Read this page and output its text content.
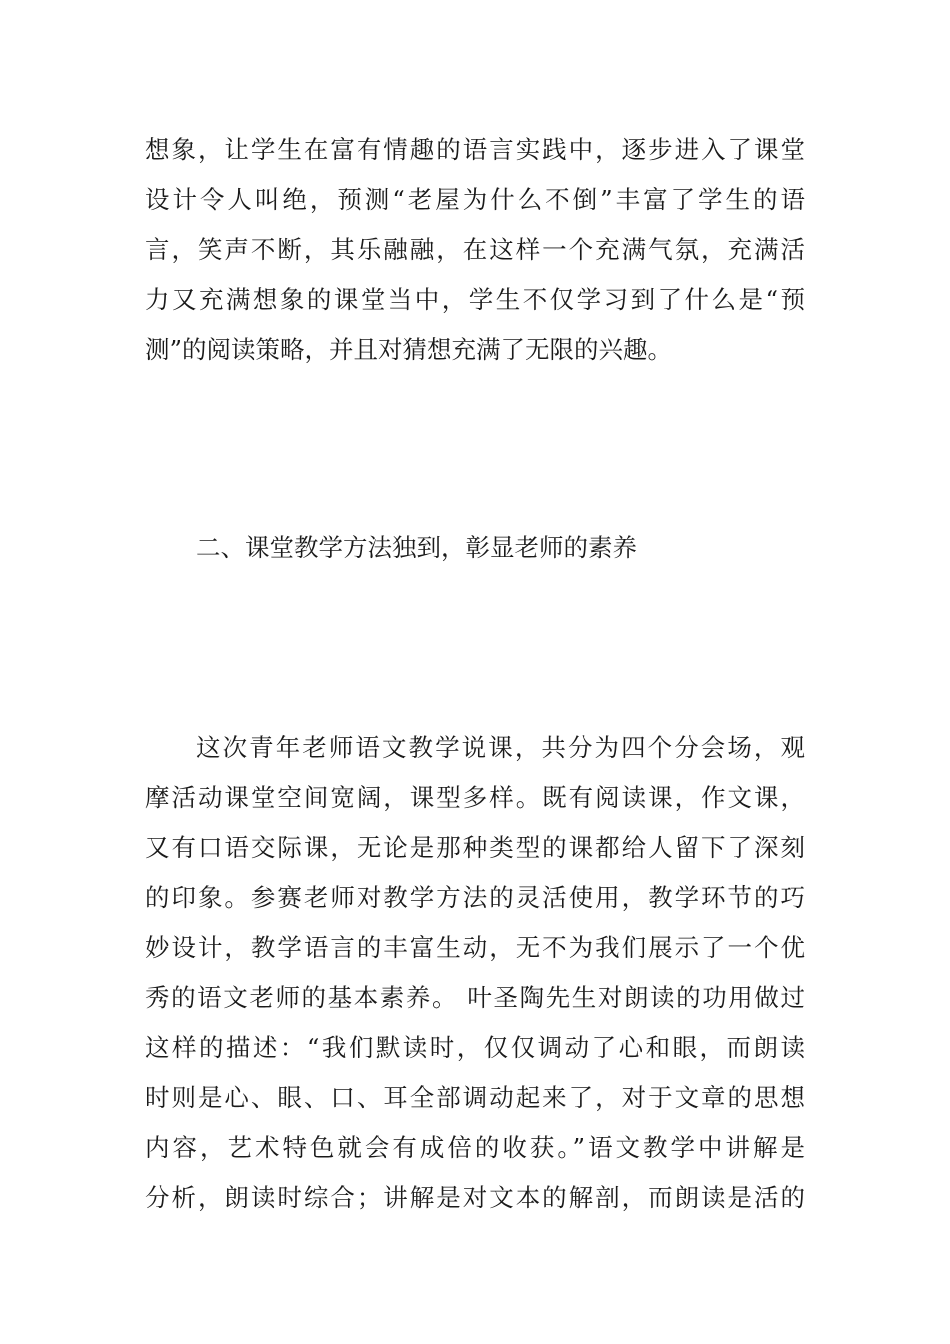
想象，让学生在富有情趣的语言实践中，逐步进入了课堂

设计令人叫绝，预测“老屋为什么不倒”丰富了学生的语

言，笑声不断，其乐融融，在这样一个充满气氛，充满活

力又充满想象的课堂当中，学生不仅学习到了什么是“预

测”的阅读策略，并且对猜想充满了无限的兴趣。

二、课堂教学方法独到，彰显老师的素养

这次青年老师语文教学说课，共分为四个分会场，观

摩活动课堂空间宽阔，课型多样。既有阅读课，作文课，

又有口语交际课，无论是那种类型的课都给人留下了深刻

的印象。参赛老师对教学方法的灵活使用，教学环节的巧

妙设计，教学语言的丰富生动，无不为我们展示了一个优

秀的语文老师的基本素养。 叶圣陶先生对朗读的功用做过

这样的描述：“我们默读时，仅仅调动了心和眼，而朗读

时则是心、眼、口、耳全部调动起来了，对于文章的思想

内容，艺术特色就会有成倍的收获。”语文教学中讲解是

分析，朗读时综合；讲解是对文本的解剖，而朗读是活的
